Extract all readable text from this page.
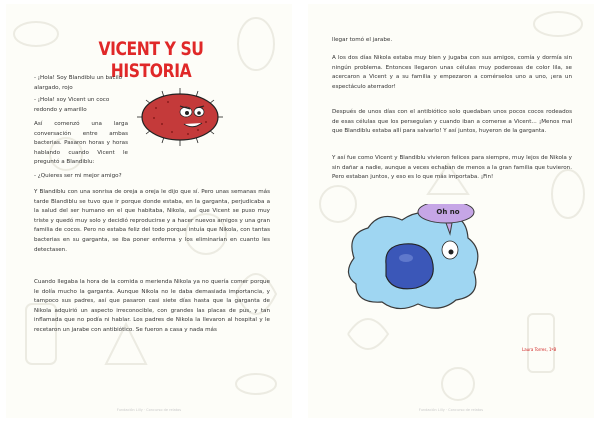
VICENT Y SU HISTORIA
- ¡Hola! Soy Blandiblu un bacilo alargado, rojo
- ¡Hola! soy Vicent un coco redondo y amarillo
Así comenzó una larga conversación entre ambas bacterias. Pasaron horas y horas hablando cuando Vicent le preguntó a Blandiblu:
- ¿Quieres ser mi mejor amigo?
Y Blandiblu con una sonrisa de oreja a oreja le dijo que sí. Pero unas semanas más tarde Blandiblu se tuvo que ir porque donde estaba, en la garganta, perjudicaba a la salud del ser humano en el que habitaba, Nikola, así que Vicent se puso muy triste y quedó muy solo y decidió reproducirse y a hacer nuevos amigos y una gran familia de cocos. Pero no estaba feliz del todo porque intuía que Nikola, con tantas bacterias en su garganta, se iba poner enferma y los eliminarían en cuanto les detectasen.
Cuando llegaba la hora de la comida o merienda Nikola ya no quería comer porque le dolía mucho la garganta. Aunque Nikola no le daba demasiada importancia, y tampoco sus padres, así que pasaron casi siete días hasta que la garganta de Nikola adquirió un aspecto irreconocible, con grandes las placas de pus, y tan inflamada que no podía ni hablar. Los padres de Nikola la llevaron al hospital y le recetaron un jarabe con antibiótico. Se fueron a casa y nada más
Fundación Lilly · Concurso de relatos
llegar tomó el jarabe.
A los dos días Nikola estaba muy bien y jugaba con sus amigos, comía y dormía sin ningún problema. Entonces llegaron unas células muy poderosas de color lila, se acercaron a Vicent y a su familia y empezaron a comérselos uno a uno, ¡era un espectáculo aterrador!
Después de unos días con el antibiótico solo quedaban unos pocos cocos rodeados de esas células que los perseguían y cuando iban a comerse a Vicent... ¡Menos mal que Blandiblu estaba allí para salvarlo! Y así juntos, huyeron de la garganta.
Y así fue como Vicent y Blandiblu vivieron felices para siempre, muy lejos de Nikola y sin dañar a nadie, aunque a veces echaban de menos a la gran familia que tuvieron. Pero estaban juntos, y eso es lo que más importaba. ¡Fin!
Oh no
Laura Torres, 1ºB
Fundación Lilly · Concurso de relatos
